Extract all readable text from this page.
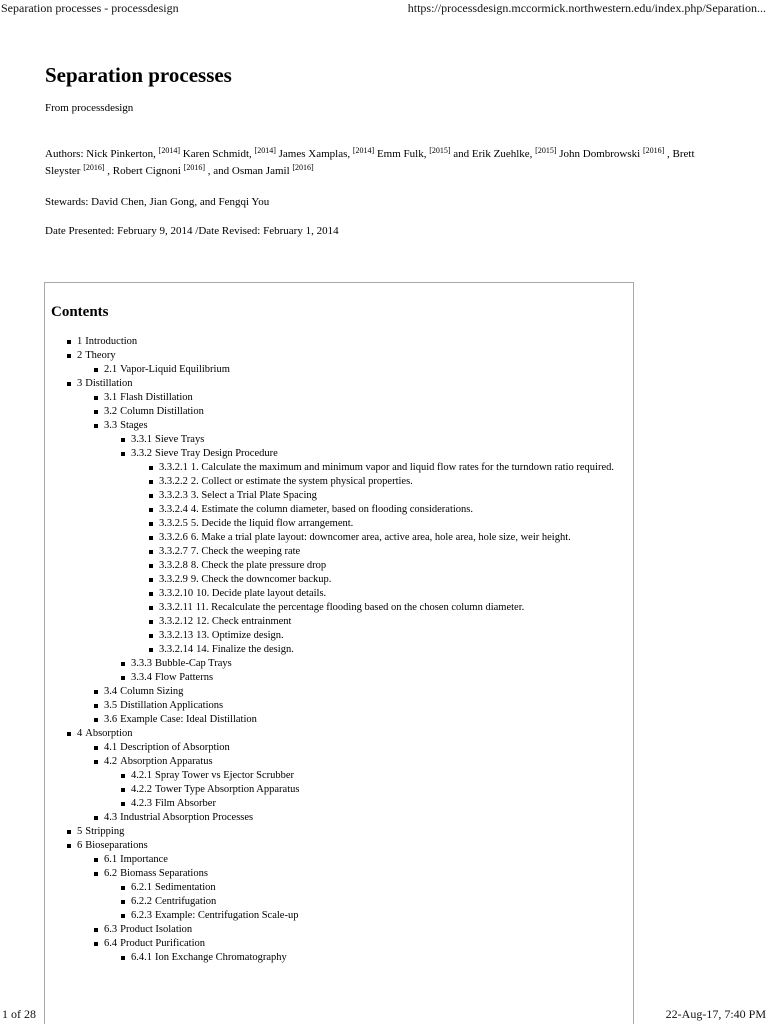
Separation processes - processdesign	https://processdesign.mccormick.northwestern.edu/index.php/Separation...
Separation processes

From processdesign

Authors: Nick Pinkerton, [2014] Karen Schmidt, [2014] James Xamplas, [2014] Emm Fulk, [2015] and Erik Zuehlke, [2015] John Dombrowski [2016] , Brett Sleyster [2016] , Robert Cignoni [2016] , and Osman Jamil [2016]

Stewards: David Chen, Jian Gong, and Fengqi You

Date Presented: February 9, 2014 /Date Revised: February 1, 2014

Contents
1 Introduction
2 Theory
2.1 Vapor-Liquid Equilibrium
3 Distillation
3.1 Flash Distillation
3.2 Column Distillation
3.3 Stages
3.3.1 Sieve Trays
3.3.2 Sieve Tray Design Procedure
3.3.2.1 1. Calculate the maximum and minimum vapor and liquid flow rates for the turndown ratio required.
3.3.2.2 2. Collect or estimate the system physical properties.
3.3.2.3 3. Select a Trial Plate Spacing
3.3.2.4 4. Estimate the column diameter, based on flooding considerations.
3.3.2.5 5. Decide the liquid flow arrangement.
3.3.2.6 6. Make a trial plate layout: downcomer area, active area, hole area, hole size, weir height.
3.3.2.7 7. Check the weeping rate
3.3.2.8 8. Check the plate pressure drop
3.3.2.9 9. Check the downcomer backup.
3.3.2.10 10. Decide plate layout details.
3.3.2.11 11. Recalculate the percentage flooding based on the chosen column diameter.
3.3.2.12 12. Check entrainment
3.3.2.13 13. Optimize design.
3.3.2.14 14. Finalize the design.
3.3.3 Bubble-Cap Trays
3.3.4 Flow Patterns
3.4 Column Sizing
3.5 Distillation Applications
3.6 Example Case: Ideal Distillation
4 Absorption
4.1 Description of Absorption
4.2 Absorption Apparatus
4.2.1 Spray Tower vs Ejector Scrubber
4.2.2 Tower Type Absorption Apparatus
4.2.3 Film Absorber
4.3 Industrial Absorption Processes
5 Stripping
6 Bioseparations
6.1 Importance
6.2 Biomass Separations
6.2.1 Sedimentation
6.2.2 Centrifugation
6.2.3 Example: Centrifugation Scale-up
6.3 Product Isolation
6.4 Product Purification
6.4.1 Ion Exchange Chromatography
1 of 28	22-Aug-17, 7:40 PM
